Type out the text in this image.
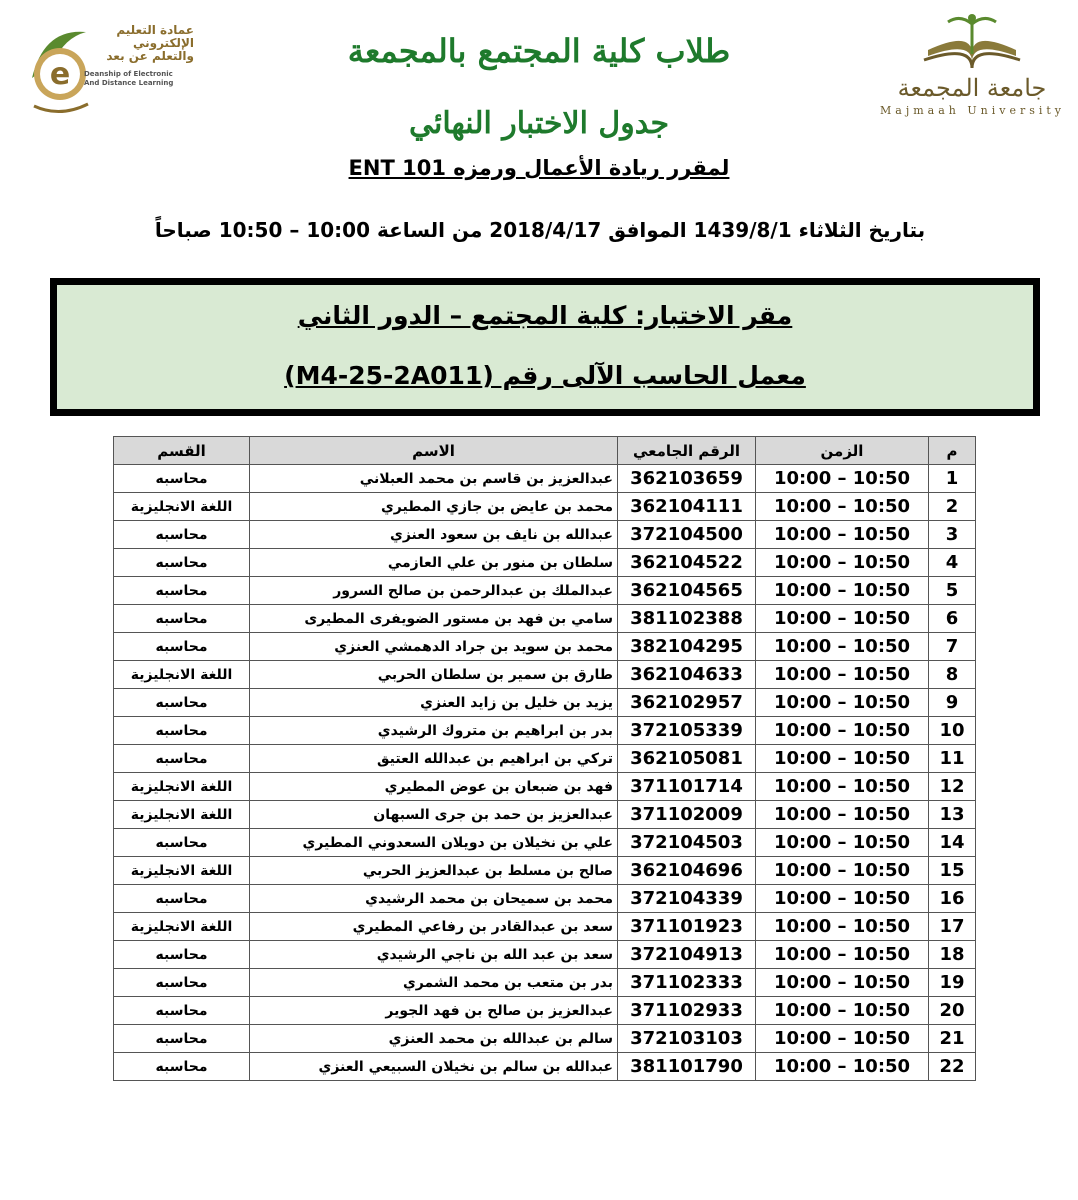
e
عمادة التعليم
الإلكتروني
والتعلم عن بعد
Deanship of Electronic
And Distance Learning	جامعة المجمعة
Majmaah University
طلاب كلية المجتمع بالمجمعة
جدول الاختبار النهائي
لمقرر ريادة الأعمال ورمزه ENT 101
بتاريخ الثلاثاء 1439/8/1 الموافق 2018/4/17 من الساعة 10:00 – 10:50 صباحاً
مقر الاختبار: كلية المجتمع – الدور الثاني
معمل الحاسب الآلى رقم (M4-25-2A011)
م	الزمن	الرقم الجامعي	الاسم	القسم
1	10:00 – 10:50	362103659	عبدالعزيز بن قاسم بن محمد العبلاني	محاسبه
2	10:00 – 10:50	362104111	محمد بن عايض بن جازي المطيري	اللغة الانجليزية
3	10:00 – 10:50	372104500	عبدالله بن نايف بن سعود العنزي	محاسبه
4	10:00 – 10:50	362104522	سلطان بن منور بن علي العازمي	محاسبه
5	10:00 – 10:50	362104565	عبدالملك بن عبدالرحمن بن صالح السرور	محاسبه
6	10:00 – 10:50	381102388	سامي بن فهد بن مستور الضويفرى المطيرى	محاسبه
7	10:00 – 10:50	382104295	محمد بن سويد بن جراد الدهمشي العنزي	محاسبه
8	10:00 – 10:50	362104633	طارق بن سمير بن سلطان الحربي	اللغة الانجليزية
9	10:00 – 10:50	362102957	يزيد بن خليل بن زايد العنزي	محاسبه
10	10:00 – 10:50	372105339	بدر بن ابراهيم بن متروك الرشيدي	محاسبه
11	10:00 – 10:50	362105081	تركي بن ابراهيم بن عبدالله العتيق	محاسبه
12	10:00 – 10:50	371101714	فهد بن ضبعان بن عوض المطيري	اللغة الانجليزية
13	10:00 – 10:50	371102009	عبدالعزيز بن حمد بن جرى السبهان	اللغة الانجليزية
14	10:00 – 10:50	372104503	علي بن نخيلان بن دويلان السعدوني المطيري	محاسبه
15	10:00 – 10:50	362104696	صالح بن مسلط بن عبدالعزيز الحربي	اللغة الانجليزية
16	10:00 – 10:50	372104339	محمد بن سميحان بن محمد الرشيدي	محاسبه
17	10:00 – 10:50	371101923	سعد بن عبدالقادر بن رفاعي المطيري	اللغة الانجليزية
18	10:00 – 10:50	372104913	سعد بن عبد الله بن ناجي الرشيدي	محاسبه
19	10:00 – 10:50	371102333	بدر بن متعب بن محمد الشمري	محاسبه
20	10:00 – 10:50	371102933	عبدالعزيز بن صالح بن فهد الجوير	محاسبه
21	10:00 – 10:50	372103103	سالم بن عبدالله بن محمد العنزي	محاسبه
22	10:00 – 10:50	381101790	عبدالله بن سالم بن نخيلان السبيعي العنزي	محاسبه
